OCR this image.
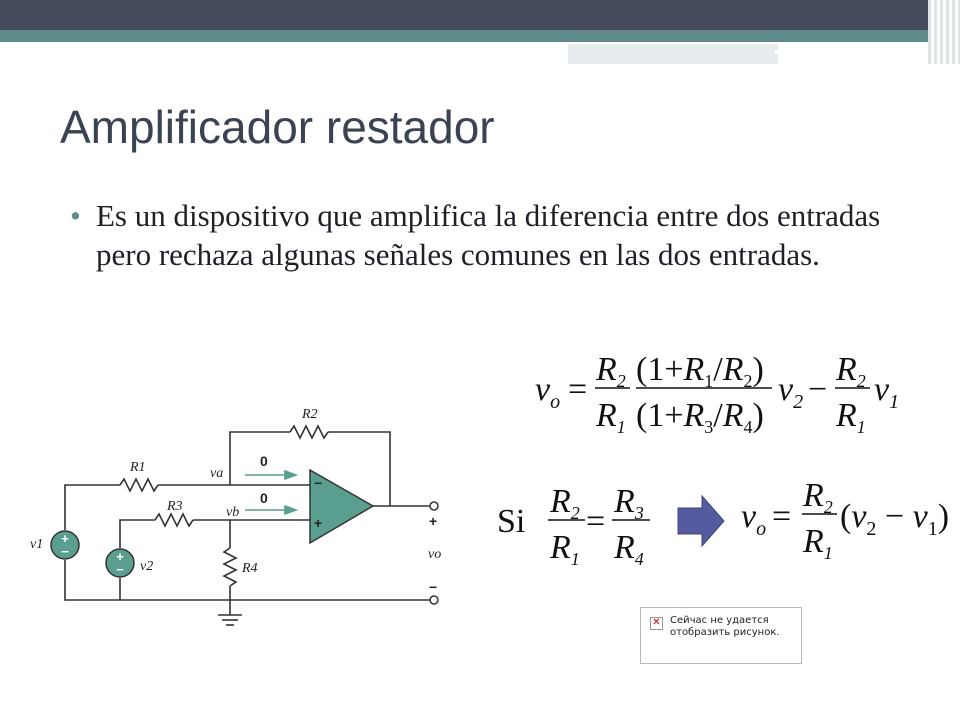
Amplificador restador
• Es un dispositivo que amplifica la diferencia entre dos entradas pero rechaza algunas señales comunes en las dos entradas.
+
−	+
−
R2
R1
R3
R4
va
vb
v1
v2
vo
0
0
−
+	+
−
$v_o$ =
$R_2$
$R_1$
$(1+R_1/R_2)$
$(1+R_3/R_4)$
$v_2$ −
$R_2$
$R_1$
$v_1$
Si
$R_2$
$R_1$
=
$R_3$
$R_4$
$v_o$ =
$R_2$
$R_1$
$(v_2 - v_1)$
✕ Сейчас не удается отобразить рисунок.
